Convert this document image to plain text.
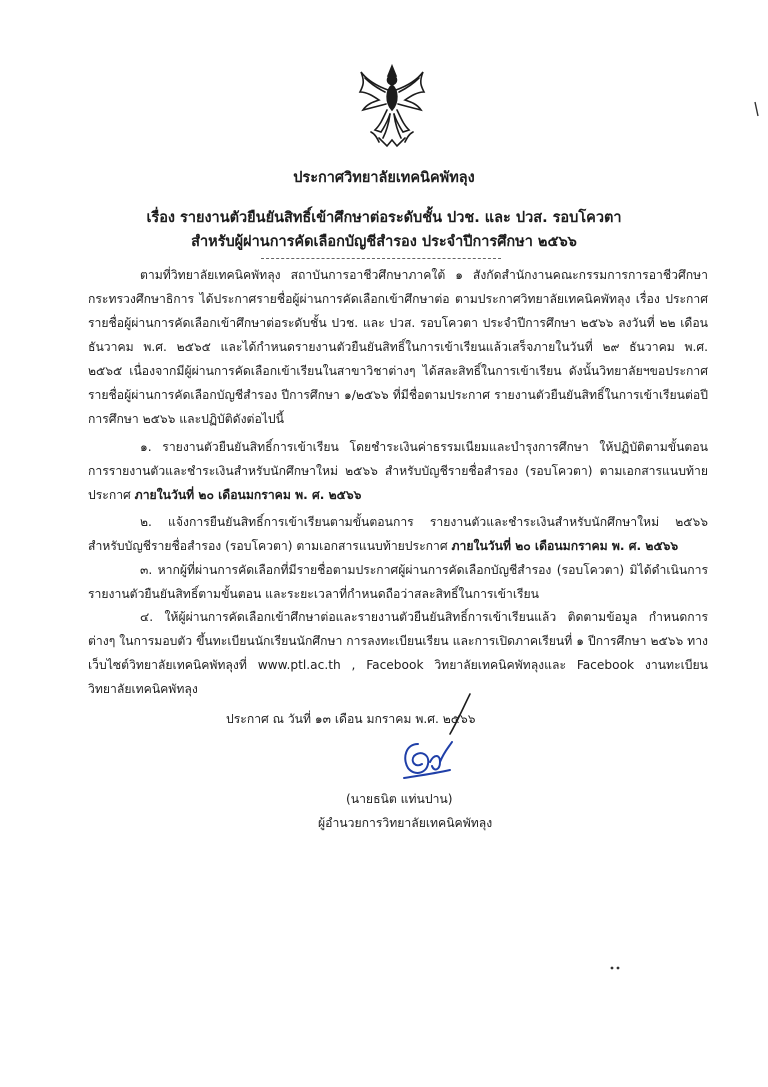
ประกาศวิทยาลัยเทคนิคพัทลุง
เรื่อง รายงานตัวยืนยันสิทธิ์เข้าศึกษาต่อระดับชั้น ปวช. และ ปวส. รอบโควตา
สำหรับผู้ผ่านการคัดเลือกบัญชีสำรอง ประจำปีการศึกษา ๒๕๖๖

ตามที่วิทยาลัยเทคนิคพัทลุง สถาบันการอาชีวศึกษาภาคใต้ ๑ สังกัดสำนักงานคณะกรรมการการอาชีวศึกษา กระทรวงศึกษาธิการ ได้ประกาศรายชื่อผู้ผ่านการคัดเลือกเข้าศึกษาต่อ ตามประกาศวิทยาลัยเทคนิคพัทลุง เรื่อง ประกาศรายชื่อผู้ผ่านการคัดเลือกเข้าศึกษาต่อระดับชั้น ปวช. และ ปวส. รอบโควตา ประจำปีการศึกษา ๒๕๖๖ ลงวันที่ ๒๒ เดือนธันวาคม พ.ศ. ๒๕๖๕ และได้กำหนดรายงานตัวยืนยันสิทธิ์ในการเข้าเรียนแล้วเสร็จภายในวันที่ ๒๙ ธันวาคม พ.ศ. ๒๕๖๕ เนื่องจากมีผู้ผ่านการคัดเลือกเข้าเรียนในสาขาวิชาต่างๆ ได้สละสิทธิ์ในการเข้าเรียน ดังนั้นวิทยาลัยฯขอประกาศรายชื่อผู้ผ่านการคัดเลือกบัญชีสำรอง ปีการศึกษา ๑/๒๕๖๖ ที่มีชื่อตามประกาศ รายงานตัวยืนยันสิทธิ์ในการเข้าเรียนต่อปีการศึกษา ๒๕๖๖ และปฏิบัติดังต่อไปนี้

๑. รายงานตัวยืนยันสิทธิ์การเข้าเรียน โดยชำระเงินค่าธรรมเนียมและบำรุงการศึกษา ให้ปฏิบัติตามขั้นตอนการรายงานตัวและชำระเงินสำหรับนักศึกษาใหม่ ๒๕๖๖ สำหรับบัญชีรายชื่อสำรอง (รอบโควตา) ตามเอกสารแนบท้ายประกาศ ภายในวันที่ ๒๐ เดือนมกราคม พ. ศ. ๒๕๖๖

๒. แจ้งการยืนยันสิทธิ์การเข้าเรียนตามขั้นตอนการ รายงานตัวและชำระเงินสำหรับนักศึกษาใหม่ ๒๕๖๖ สำหรับบัญชีรายชื่อสำรอง (รอบโควตา) ตามเอกสารแนบท้ายประกาศ ภายในวันที่ ๒๐ เดือนมกราคม พ. ศ. ๒๕๖๖

๓. หากผู้ที่ผ่านการคัดเลือกที่มีรายชื่อตามประกาศผู้ผ่านการคัดเลือกบัญชีสำรอง (รอบโควตา) มิได้ดำเนินการรายงานตัวยืนยันสิทธิ์ตามขั้นตอน และระยะเวลาที่กำหนดถือว่าสละสิทธิ์ในการเข้าเรียน

๔. ให้ผู้ผ่านการคัดเลือกเข้าศึกษาต่อและรายงานตัวยืนยันสิทธิ์การเข้าเรียนแล้ว ติดตามข้อมูล กำหนดการต่างๆ ในการมอบตัว ขึ้นทะเบียนนักเรียนนักศึกษา การลงทะเบียนเรียน และการเปิดภาคเรียนที่ ๑ ปีการศึกษา ๒๕๖๖ ทางเว็บไซต์วิทยาลัยเทคนิคพัทลุงที่ www.ptl.ac.th , Facebook วิทยาลัยเทคนิคพัทลุงและ Facebook งานทะเบียนวิทยาลัยเทคนิคพัทลุง

ประกาศ ณ วันที่ ๑๓ เดือน มกราคม พ.ศ. ๒๕๖๖
(นายธนิต แท่นปาน)
ผู้อำนวยการวิทยาลัยเทคนิคพัทลุง
